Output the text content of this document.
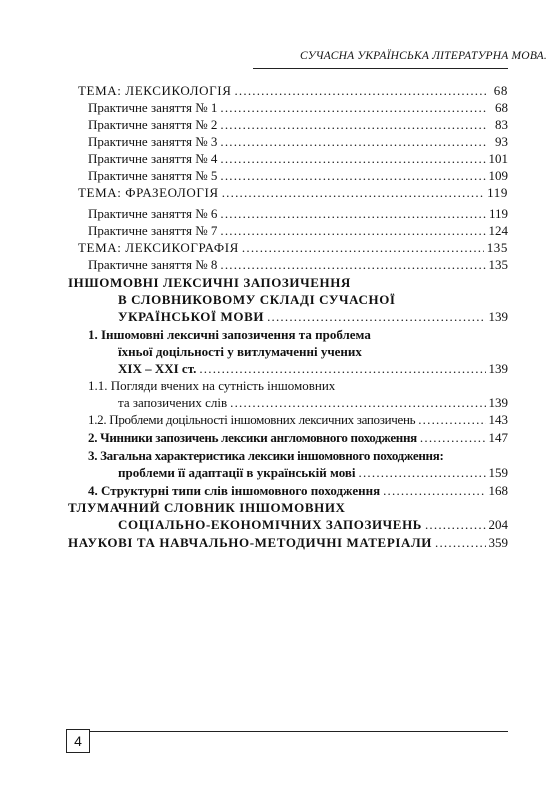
СУЧАСНА УКРАЇНСЬКА ЛІТЕРАТУРНА МОВА.
ТЕМА: ЛЕКСИКОЛОГІЯ .....	68
Практичне заняття № 1 .....	68
Практичне заняття № 2 .....	83
Практичне заняття № 3 .....	93
Практичне заняття № 4 .....	101
Практичне заняття № 5 .....	109
ТЕМА: ФРАЗЕОЛОГІЯ .....	119
Практичне заняття № 6 .....	119
Практичне заняття № 7 .....	124
ТЕМА: ЛЕКСИКОГРАФІЯ .....	135
Практичне заняття № 8 .....	135
ІНШОМОВНІ ЛЕКСИЧНІ ЗАПОЗИЧЕННЯ
В СЛОВНИКОВОМУ СКЛАДІ СУЧАСНОЇ
УКРАЇНСЬКОЇ МОВИ .....	139
1. Іншомовні лексичні запозичення та проблема
їхньої доцільності у витлумаченні учених
XIX – XXI ст. .....	139
1.1. Погляди вчених на сутність іншомовних
та запозичених слів .....	139
1.2. Проблеми доцільності іншомовних лексичних запозичень .....	143
2. Чинники запозичень лексики англомовного походження .....	147
3. Загальна характеристика лексики іншомовного походження:
проблеми її адаптації в українській мові .....	159
4. Структурні типи слів іншомовного походження .....	168
ТЛУМАЧНИЙ СЛОВНИК ІНШОМОВНИХ
СОЦІАЛЬНО-ЕКОНОМІЧНИХ ЗАПОЗИЧЕНЬ .....	204
НАУКОВІ ТА НАВЧАЛЬНО-МЕТОДИЧНІ МАТЕРІАЛИ .....	359
4
